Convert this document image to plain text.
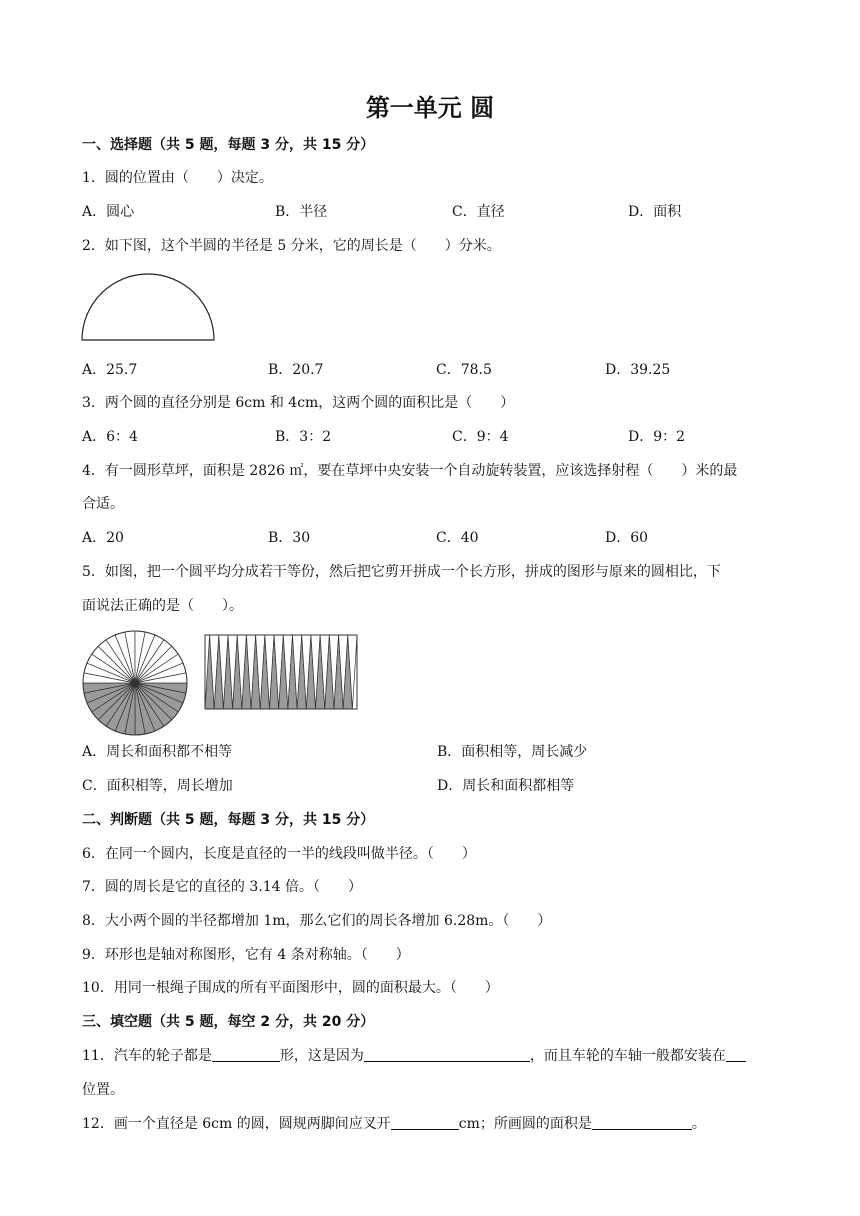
第一单元 圆
一、选择题（共 5 题，每题 3 分，共 15 分）
1．圆的位置由（　　）决定。
A．圆心	B．半径	C．直径	D．面积
2．如下图，这个半圆的半径是 5 分米，它的周长是（　　）分米。
A．25.7	B．20.7	C．78.5	D．39.25
3．两个圆的直径分别是 6cm 和 4cm，这两个圆的面积比是（　　）
A．6：4	B．3：2	C．9：4	D．9：2
4．有一圆形草坪，面积是 2826 ㎡，要在草坪中央安装一个自动旋转装置，应该选择射程（　　）米的最
合适。
A．20	B．30	C．40	D．60
5．如图，把一个圆平均分成若干等份，然后把它剪开拼成一个长方形，拼成的图形与原来的圆相比，下
面说法正确的是（　　）。
A．周长和面积都不相等	B．面积相等，周长减少
C．面积相等，周长增加	D．周长和面积都相等
二、判断题（共 5 题，每题 3 分，共 15 分）
6．在同一个圆内，长度是直径的一半的线段叫做半径。（　　）
7．圆的周长是它的直径的 3.14 倍。（　　）
8．大小两个圆的半径都增加 1m，那么它们的周长各增加 6.28m。（　　）
9．环形也是轴对称图形，它有 4 条对称轴。（　　）
10．用同一根绳子围成的所有平面图形中，圆的面积最大。（　　）
三、填空题（共 5 题，每空 2 分，共 20 分）
11．汽车的轮子都是	形，这是因为	，而且车轮的车轴一般都安装在
位置。
12．画一个直径是 6cm 的圆，圆规两脚间应叉开	cm；所画圆的面积是	。
